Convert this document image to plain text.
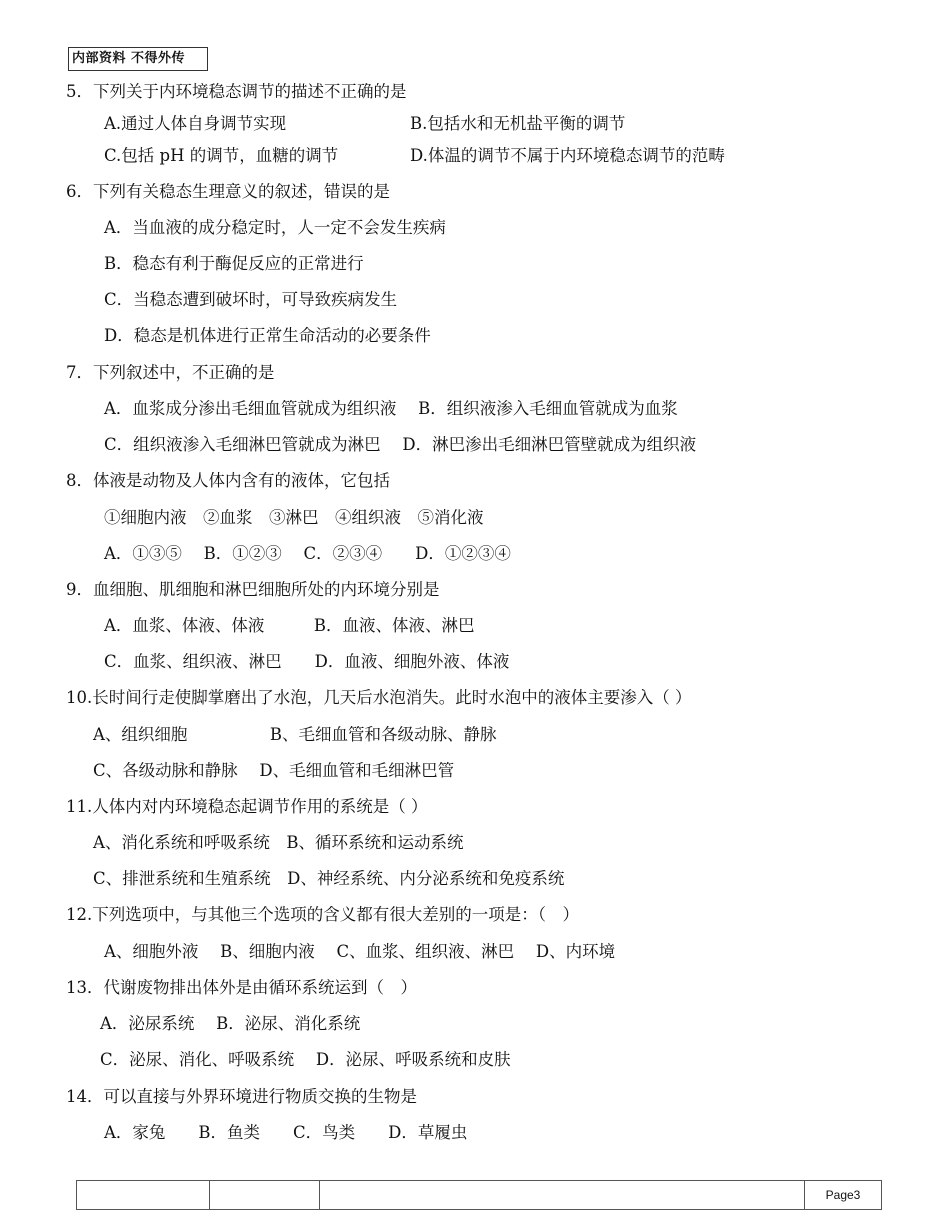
内部资料 不得外传
5．下列关于内环境稳态调节的描述不正确的是
A.通过人体自身调节实现	B.包括水和无机盐平衡的调节
C.包括 pH 的调节，血糖的调节	D.体温的调节不属于内环境稳态调节的范畴
6．下列有关稳态生理意义的叙述，错误的是
A．当血液的成分稳定时，人一定不会发生疾病
B．稳态有利于酶促反应的正常进行
C．当稳态遭到破坏时，可导致疾病发生
D．稳态是机体进行正常生命活动的必要条件
7．下列叙述中，不正确的是
A．血浆成分渗出毛细血管就成为组织液　 B．组织液渗入毛细血管就成为血浆
C．组织液渗入毛细淋巴管就成为淋巴　 D．淋巴渗出毛细淋巴管壁就成为组织液
8．体液是动物及人体内含有的液体，它包括
①细胞内液　②血浆　③淋巴　④组织液　⑤消化液
A．①③⑤　 B．①②③　 C．②③④　　D．①②③④
9．血细胞、肌细胞和淋巴细胞所处的内环境分别是
A．血浆、体液、体液　　　B．血液、体液、淋巴
C．血浆、组织液、淋巴　　D．血液、细胞外液、体液
10.长时间行走使脚掌磨出了水泡，几天后水泡消失。此时水泡中的液体主要渗入（ ）
A、组织细胞　　　　　B、毛细血管和各级动脉、静脉
C、各级动脉和静脉　 D、毛细血管和毛细淋巴管
11.人体内对内环境稳态起调节作用的系统是（ ）
A、消化系统和呼吸系统　B、循环系统和运动系统
C、排泄系统和生殖系统　D、神经系统、内分泌系统和免疫系统
12.下列选项中，与其他三个选项的含义都有很大差别的一项是：（　）
A、细胞外液　 B、细胞内液　 C、血浆、组织液、淋巴　 D、内环境
13．代谢废物排出体外是由循环系统运到（　）
A．泌尿系统　 B．泌尿、消化系统
C．泌尿、消化、呼吸系统　 D．泌尿、呼吸系统和皮肤
14．可以直接与外界环境进行物质交换的生物是
A．家兔　　B．鱼类　　C．鸟类　　D．草履虫
Page3
